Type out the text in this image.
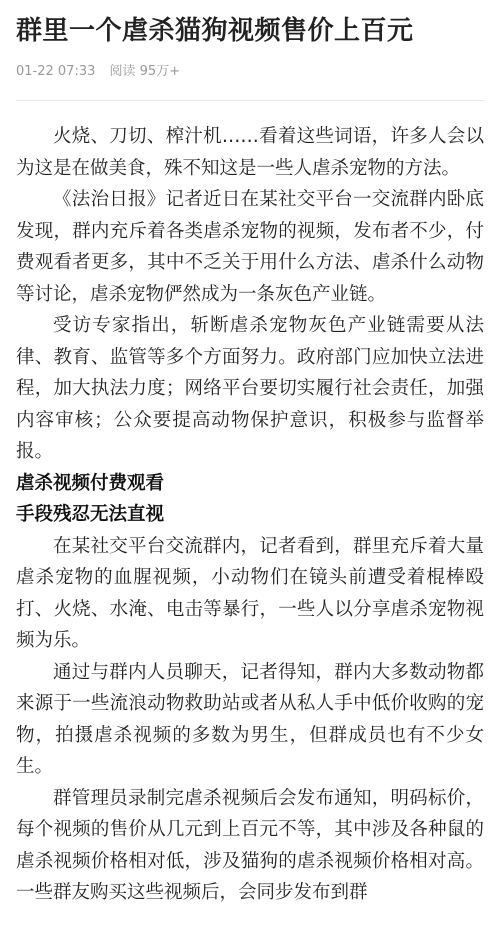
群里一个虐杀猫狗视频售价上百元
01-22 07:33 阅读 95万+

火烧、刀切、榨汁机……看着这些词语，许多人会以为这是在做美食，殊不知这是一些人虐杀宠物的方法。

《法治日报》记者近日在某社交平台一交流群内卧底发现，群内充斥着各类虐杀宠物的视频，发布者不少，付费观看者更多，其中不乏关于用什么方法、虐杀什么动物等讨论，虐杀宠物俨然成为一条灰色产业链。

受访专家指出，斩断虐杀宠物灰色产业链需要从法律、教育、监管等多个方面努力。政府部门应加快立法进程，加大执法力度；网络平台要切实履行社会责任，加强内容审核；公众要提高动物保护意识，积极参与监督举报。

虐杀视频付费观看

手段残忍无法直视

在某社交平台交流群内，记者看到，群里充斥着大量虐杀宠物的血腥视频，小动物们在镜头前遭受着棍棒殴打、火烧、水淹、电击等暴行，一些人以分享虐杀宠物视频为乐。

通过与群内人员聊天，记者得知，群内大多数动物都来源于一些流浪动物救助站或者从私人手中低价收购的宠物，拍摄虐杀视频的多数为男生，但群成员也有不少女生。

群管理员录制完虐杀视频后会发布通知，明码标价，每个视频的售价从几元到上百元不等，其中涉及各种鼠的虐杀视频价格相对低，涉及猫狗的虐杀视频价格相对高。一些群友购买这些视频后，会同步发布到群
